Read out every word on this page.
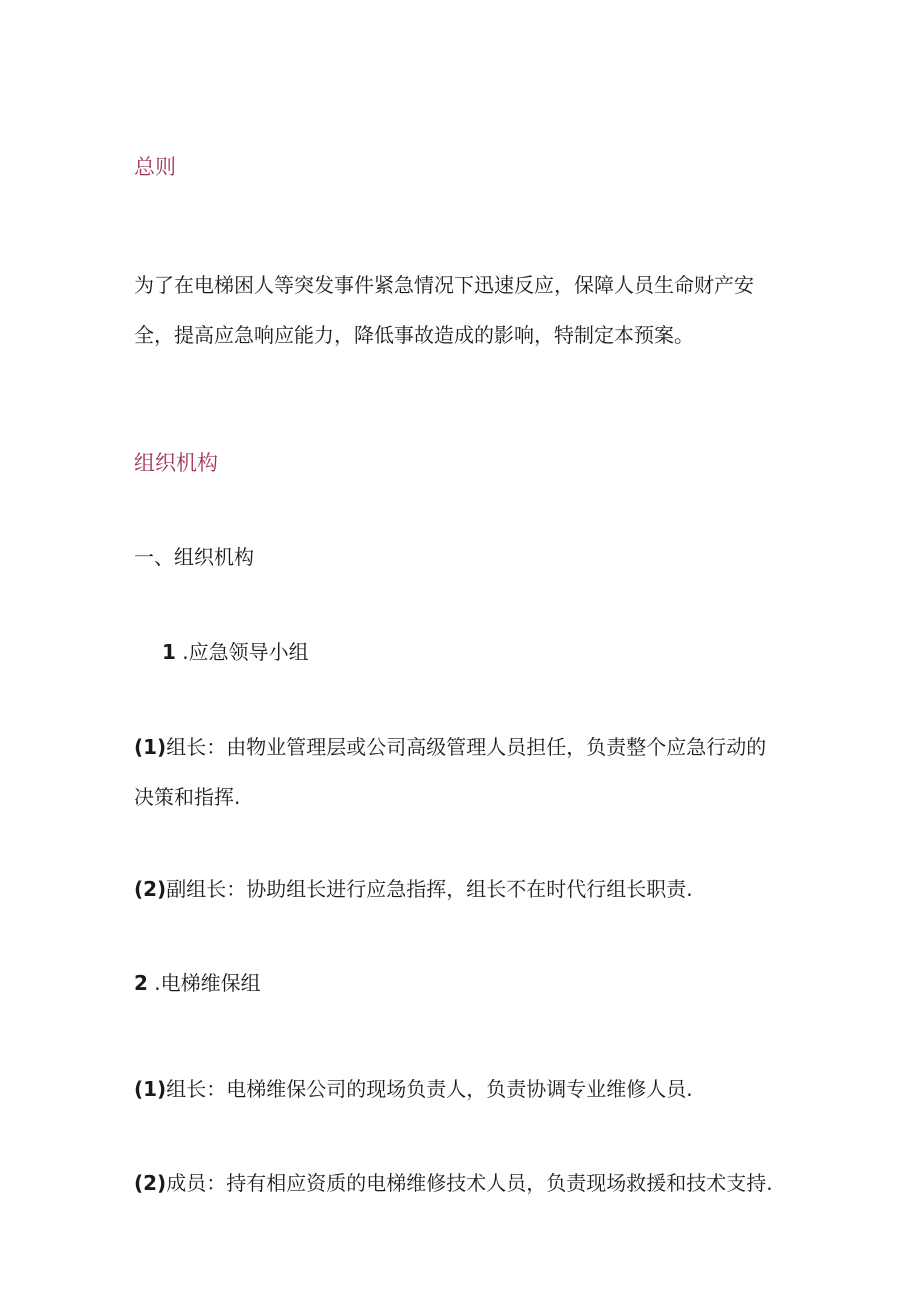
总则
为了在电梯困人等突发事件紧急情况下迅速反应，保障人员生命财产安
全，提高应急响应能力，降低事故造成的影响，特制定本预案。
组织机构
一、组织机构
1 .应急领导小组
(1)组长：由物业管理层或公司高级管理人员担任，负责整个应急行动的
决策和指挥.
(2)副组长：协助组长进行应急指挥，组长不在时代行组长职责.
2 .电梯维保组
(1)组长：电梯维保公司的现场负责人，负责协调专业维修人员.
(2)成员：持有相应资质的电梯维修技术人员，负责现场救援和技术支持.
